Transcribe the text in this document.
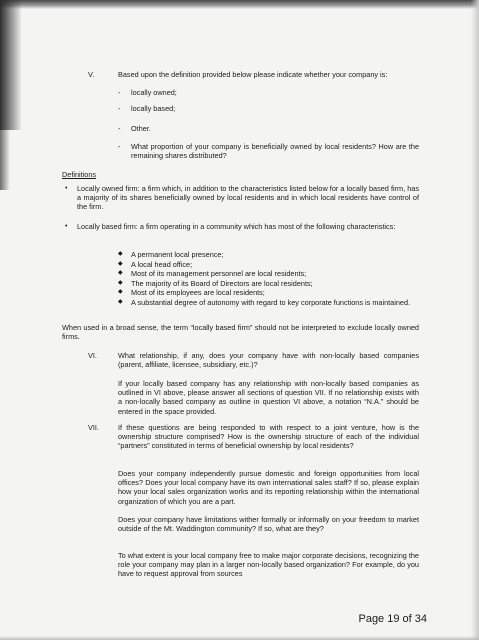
V.	Based upon the definition provided below please indicate whether your company is:
- locally owned;
- locally based;
- Other.
- What proportion of your company is beneficially owned by local residents? How are the remaining shares distributed?
Definitions
• Locally owned firm: a firm which, in addition to the characteristics listed below for a locally based firm, has a majority of its shares beneficially owned by local residents and in which local residents have control of the firm.
• Locally based firm: a firm operating in a community which has most of the following characteristics:
◆ A permanent local presence;
◆ A local head office;
◆ Most of its management personnel are local residents;
◆ The majority of its Board of Directors are local residents;
◆ Most of its employees are local residents;
◆ A substantial degree of autonomy with regard to key corporate functions is maintained.
When used in a broad sense, the term “locally based firm” should not be interpreted to exclude locally owned firms.
VI.	What relationship, if any, does your company have with non-locally based companies (parent, affiliate, licensee, subsidiary, etc.)?
If your locally based company has any relationship with non-locally based companies as outlined in VI above, please answer all sections of question VII. If no relationship exists with a non-locally based company as outline in question VI above, a notation “N.A.” should be entered in the space provided.
VII.	If these questions are being responded to with respect to a joint venture, how is the ownership structure comprised? How is the ownership structure of each of the individual “partners” constituted in terms of beneficial ownership by local residents?
Does your company independently pursue domestic and foreign opportunities from local offices? Does your local company have its own international sales staff? If so, please explain how your local sales organization works and its reporting relationship within the international organization of which you are a part.
Does your company have limitations wither formally or informally on your freedom to market outside of the Mt. Waddington community? If so, what are they?
To what extent is your local company free to make major corporate decisions, recognizing the role your company may plan in a larger non-locally based organization? For example, do you have to request approval from sources
Page 19 of 34
